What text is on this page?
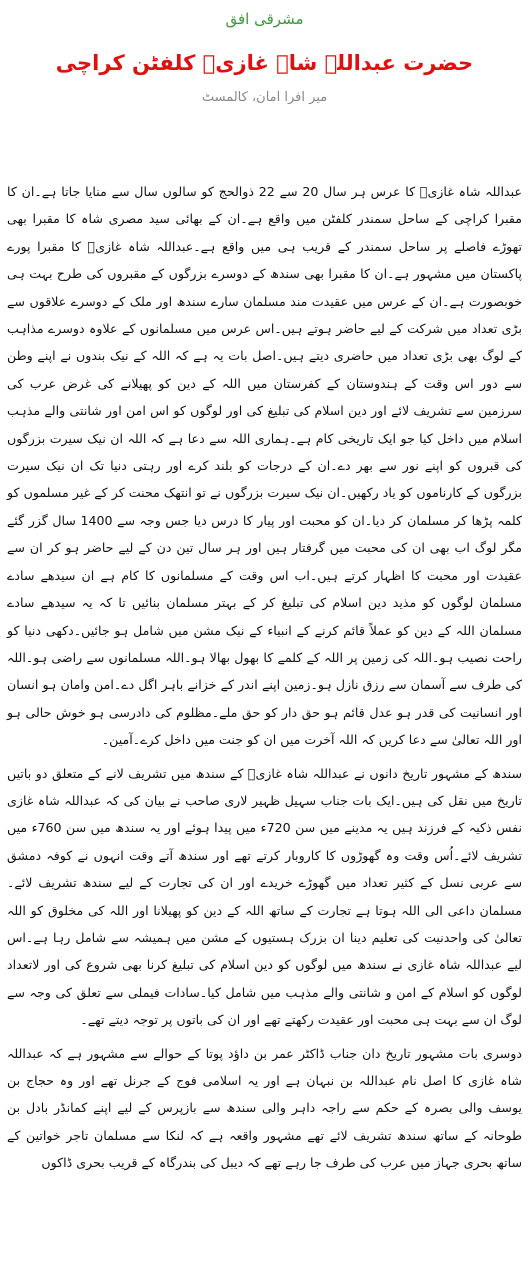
مشرقی افق
حضرت عبداللہ شاہ غازیؒ کلفٹن کراچی
میر افرا امان، کالمسٹ

عبداللہ شاہ غازیؒ کا عرس ہر سال 20 سے 22 ذوالحج کو سالوں سال سے منایا جاتا ہے۔ان کا مقبرا کراچی کے ساحل سمندر کلفٹن میں واقع ہے۔ان کے بھائی سید مصری شاہ کا مقبرا بھی تھوڑے فاصلے پر ساحل سمندر کے قریب ہی میں واقع ہے۔عبداللہ شاہ غازیؒ کا مقبرا پورے پاکستان میں مشہور ہے۔ان کا مقبرا بھی سندھ کے دوسرے بزرگوں کے مقبروں کی طرح بہت ہی خوبصورت ہے۔ان کے عرس میں عقیدت مند مسلمان سارے سندھ اور ملک کے دوسرے علاقوں سے بڑی تعداد میں شرکت کے لیے حاضر ہوتے ہیں۔اس عرس میں مسلمانوں کے علاوہ دوسرے مذاہب کے لوگ بھی بڑی تعداد میں حاضری دیتے ہیں۔اصل بات یہ ہے کہ اللہ کے نیک بندوں نے اپنے وطن سے دور اس وقت کے ہندوستان کے کفرستان میں اللہ کے دین کو پھیلانے کی غرض عرب کی سرزمین سے تشریف لائے اور دین اسلام کی تبلیغ کی اور لوگوں کو اس امن اور شانتی والے مذہب اسلام میں داخل کیا جو ایک تاریخی کام ہے۔ہماری اللہ سے دعا ہے کہ اللہ ان نیک سیرت بزرگوں کی قبروں کو اپنے نور سے بھر دے۔ان کے درجات کو بلند کرے اور رہتی دنیا تک ان نیک سیرت بزرگوں کے کارناموں کو یاد رکھیں۔ان نیک سیرت بزرگوں نے تو انتھک محنت کر کے غیر مسلموں کو کلمہ پڑھا کر مسلمان کر دیا۔ان کو محبت اور پیار کا درس دیا جس وجہ سے 1400 سال گزر گئے مگر لوگ اب بھی ان کی محبت میں گرفتار ہیں اور ہر سال تین دن کے لیے حاضر ہو کر ان سے عقیدت اور محبت کا اظہار کرتے ہیں۔اب اس وقت کے مسلمانوں کا کام ہے ان سیدھے سادے مسلمان لوگوں کو مذید دین اسلام کی تبلیغ کر کے بہتر مسلمان بنائیں تا کہ یہ سیدھے سادے مسلمان اللہ کے دین کو عملاً قائم کرنے کے انبیاء کے نیک مشن میں شامل ہو جائیں۔دکھی دنیا کو راحت نصیب ہو۔اللہ کی زمین پر اللہ کے کلمے کا بھول بھالا ہو۔اللہ مسلمانوں سے راضی ہو۔اللہ کی طرف سے آسمان سے رزق نازل ہو۔زمین اپنے اندر کے خزانے باہر اگل دے۔امن وامان ہو انسان اور انسانیت کی قدر ہو عدل قائم ہو حق دار کو حق ملے۔مظلوم کی دادرسی ہو خوش حالی ہو اور اللہ تعالیٰ سے دعا کریں کہ اللہ آخرت میں ان کو جنت میں داخل کرے۔آمین۔

سندھ کے مشہور تاریخ دانوں نے عبداللہ شاہ غازیؒ کے سندھ میں تشریف لانے کے متعلق دو باتیں تاریخ میں نقل کی ہیں۔ایک بات جناب سہیل ظہیر لاری صاحب نے بیان کی کہ عبداللہ شاہ غازی نفس ذکیہ کے فرزند ہیں یہ مدینے میں سن 720ء میں پیدا ہوئے اور یہ سندھ میں سن 760ء میں تشریف لائے۔اُس وقت وہ گھوڑوں کا کاروبار کرتے تھے اور سندھ آتے وقت انہوں نے کوفہ دمشق سے عربی نسل کے کثیر تعداد میں گھوڑے خریدے اور ان کی تجارت کے لیے سندھ تشریف لائے۔مسلمان داعی الی اللہ ہوتا ہے تجارت کے ساتھ اللہ کے دین کو پھیلانا اور اللہ کی مخلوق کو اللہ تعالیٰ کی واحدنیت کی تعلیم دینا ان بزرک ہستیوں کے مشن میں ہمیشہ سے شامل رہا ہے۔اس لیے عبداللہ شاہ غازی نے سندھ میں لوگوں کو دین اسلام کی تبلیغ کرنا بھی شروع کی اور لاتعداد لوگوں کو اسلام کے امن و شانتی والے مذہب میں شامل کیا۔سادات فیملی سے تعلق کی وجہ سے لوگ ان سے بہت ہی محبت اور عقیدت رکھتے تھے اور ان کی باتوں پر توجہ دیتے تھے۔

دوسری بات مشہور تاریخ دان جناب ڈاکٹر عمر بن داؤد پوتا کے حوالے سے مشہور ہے کہ عبداللہ شاہ غازی کا اصل نام عبداللہ بن نبہان ہے اور یہ اسلامی فوج کے جرنل تھے اور وہ حجاج بن یوسف والی بصرہ کے حکم سے راجہ داہر والی سندھ سے بازپرس کے لیے اپنے کمانڈر بادل بن طوحانہ کے ساتھ سندھ تشریف لائے تھے مشہور واقعہ ہے کہ لنکا سے مسلمان تاجر خواتین کے ساتھ بحری جہاز میں عرب کی طرف جا رہے تھے کہ دیبل کی بندرگاہ کے قریب بحری ڈاکوں
